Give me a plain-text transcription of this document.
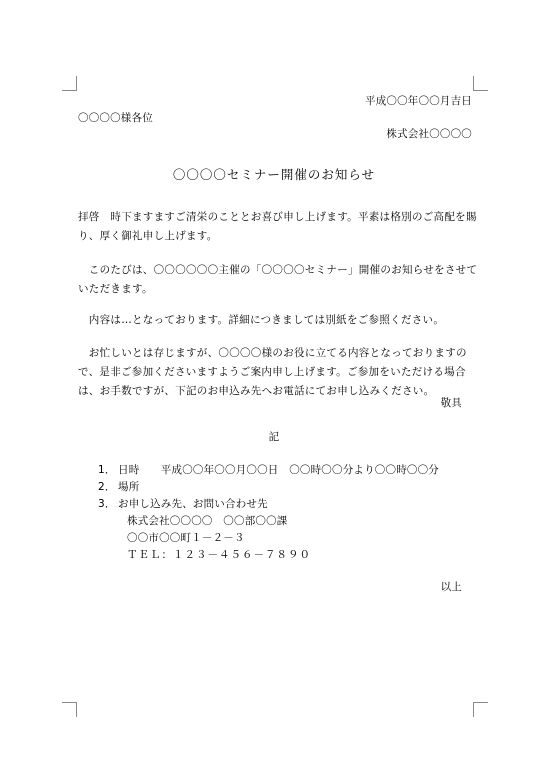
平成〇〇年〇〇月吉日
〇〇〇〇様各位
株式会社〇〇〇〇
〇〇〇〇セミナー開催のお知らせ
拝啓　時下ますますご清栄のこととお喜び申し上げます。平素は格別のご高配を賜り、厚く御礼申し上げます。
　このたびは、〇〇〇〇〇〇主催の「〇〇〇〇セミナー」開催のお知らせをさせていただきます。
　内容は…となっております。詳細につきましては別紙をご参照ください。
　お忙しいとは存じますが、〇〇〇〇様のお役に立てる内容となっておりますので、是非ご参加くださいますようご案内申し上げます。ご参加をいただける場合は、お手数ですが、下記のお申込み先へお電話にてお申し込みください。
敬具
記
1． 日時　　平成〇〇年〇〇月〇〇日　〇〇時〇〇分より〇〇時〇〇分
2． 場所
3． お申し込み先、お問い合わせ先
株式会社〇〇〇〇　〇〇部〇〇課
〇〇市〇〇町１－２－３
ＴＥＬ：１２３－４５６－７８９０
以上
